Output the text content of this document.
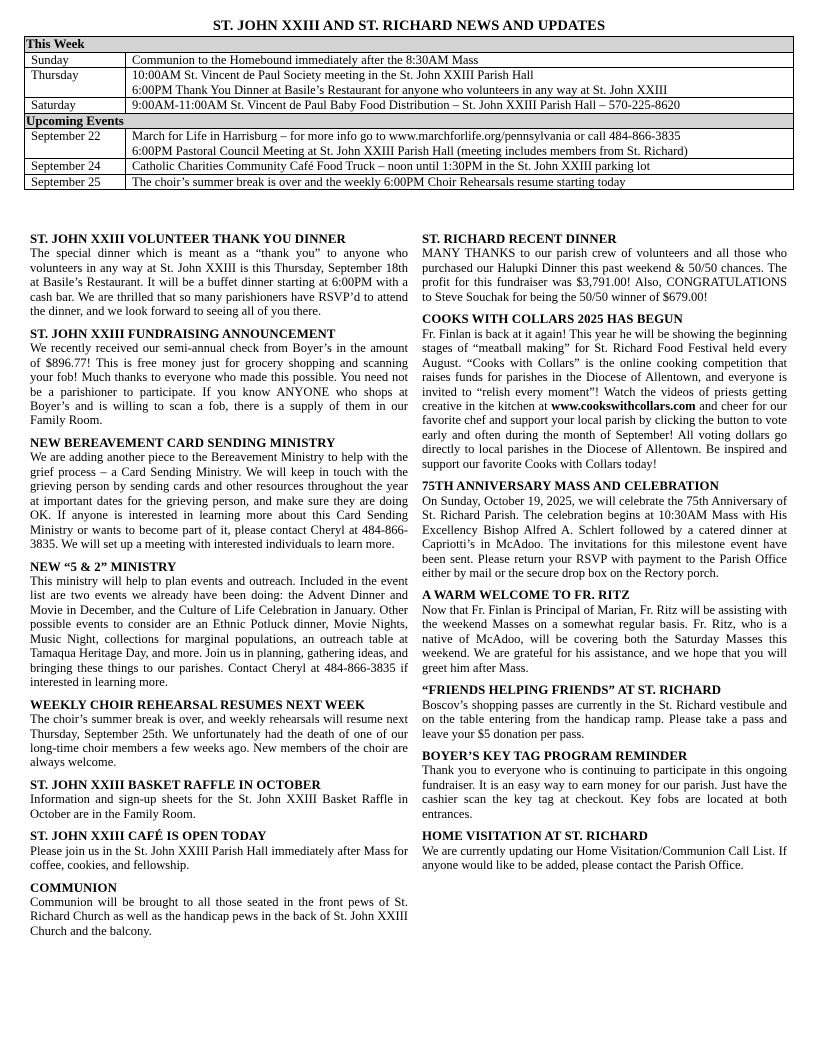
ST. JOHN XXIII AND ST. RICHARD NEWS AND UPDATES
This Week	
Sunday	Communion to the Homebound immediately after the 8:30AM Mass

Thursday	10:00AM St. Vincent de Paul Society meeting in the St. John XXIII Parish Hall
6:00PM Thank You Dinner at Basile’s Restaurant for anyone who volunteers in any way at St. John XXIII

Saturday	9:00AM-11:00AM St. Vincent de Paul Baby Food Distribution – St. John XXIII Parish Hall – 570-225-8620

Upcoming Events	
September 22	March for Life in Harrisburg – for more info go to www.marchforlife.org/pennsylvania or call 484-866-3835
6:00PM Pastoral Council Meeting at St. John XXIII Parish Hall (meeting includes members from St. Richard)

September 24	Catholic Charities Community Café Food Truck – noon until 1:30PM in the St. John XXIII parking lot

September 25	The choir’s summer break is over and the weekly 6:00PM Choir Rehearsals resume starting today
ST. JOHN XXIII VOLUNTEER THANK YOU DINNER

The special dinner which is meant as a “thank you” to anyone who volunteers in any way at St. John XXIII is this Thursday, September 18th at Basile’s Restaurant. It will be a buffet dinner starting at 6:00PM with a cash bar. We are thrilled that so many parishioners have RSVP’d to attend the dinner, and we look forward to seeing all of you there.

ST. JOHN XXIII FUNDRAISING ANNOUNCEMENT

We recently received our semi-annual check from Boyer’s in the amount of $896.77! This is free money just for grocery shopping and scanning your fob! Much thanks to everyone who made this possible. You need not be a parishioner to participate. If you know ANYONE who shops at Boyer’s and is willing to scan a fob, there is a supply of them in our Family Room.

NEW BEREAVEMENT CARD SENDING MINISTRY

We are adding another piece to the Bereavement Ministry to help with the grief process – a Card Sending Ministry. We will keep in touch with the grieving person by sending cards and other resources throughout the year at important dates for the grieving person, and make sure they are doing OK. If anyone is interested in learning more about this Card Sending Ministry or wants to become part of it, please contact Cheryl at 484-866-3835. We will set up a meeting with interested individuals to learn more.

NEW “5 & 2” MINISTRY

This ministry will help to plan events and outreach. Included in the event list are two events we already have been doing: the Advent Dinner and Movie in December, and the Culture of Life Celebration in January. Other possible events to consider are an Ethnic Potluck dinner, Movie Nights, Music Night, collections for marginal populations, an outreach table at Tamaqua Heritage Day, and more. Join us in planning, gathering ideas, and bringing these things to our parishes. Contact Cheryl at 484-866-3835 if interested in learning more.

WEEKLY CHOIR REHEARSAL RESUMES NEXT WEEK

The choir’s summer break is over, and weekly rehearsals will resume next Thursday, September 25th. We unfortunately had the death of one of our long-time choir members a few weeks ago. New members of the choir are always welcome.

ST. JOHN XXIII BASKET RAFFLE IN OCTOBER

Information and sign-up sheets for the St. John XXIII Basket Raffle in October are in the Family Room.

ST. JOHN XXIII CAFÉ IS OPEN TODAY

Please join us in the St. John XXIII Parish Hall immediately after Mass for coffee, cookies, and fellowship.

COMMUNION

Communion will be brought to all those seated in the front pews of St. Richard Church as well as the handicap pews in the back of St. John XXIII Church and the balcony.

ST. RICHARD RECENT DINNER

MANY THANKS to our parish crew of volunteers and all those who purchased our Halupki Dinner this past weekend & 50/50 chances. The profit for this fundraiser was $3,791.00! Also, CONGRATULATIONS to Steve Souchak for being the 50/50 winner of $679.00!

COOKS WITH COLLARS 2025 HAS BEGUN

Fr. Finlan is back at it again! This year he will be showing the beginning stages of “meatball making” for St. Richard Food Festival held every August. “Cooks with Collars” is the online cooking competition that raises funds for parishes in the Diocese of Allentown, and everyone is invited to “relish every moment”! Watch the videos of priests getting creative in the kitchen at www.cookswithcollars.com and cheer for our favorite chef and support your local parish by clicking the button to vote early and often during the month of September! All voting dollars go directly to local parishes in the Diocese of Allentown. Be inspired and support our favorite Cooks with Collars today!

75TH ANNIVERSARY MASS AND CELEBRATION

On Sunday, October 19, 2025, we will celebrate the 75th Anniversary of St. Richard Parish. The celebration begins at 10:30AM Mass with His Excellency Bishop Alfred A. Schlert followed by a catered dinner at Capriotti’s in McAdoo. The invitations for this milestone event have been sent. Please return your RSVP with payment to the Parish Office either by mail or the secure drop box on the Rectory porch.

A WARM WELCOME TO FR. RITZ

Now that Fr. Finlan is Principal of Marian, Fr. Ritz will be assisting with the weekend Masses on a somewhat regular basis. Fr. Ritz, who is a native of McAdoo, will be covering both the Saturday Masses this weekend. We are grateful for his assistance, and we hope that you will greet him after Mass.

“FRIENDS HELPING FRIENDS” AT ST. RICHARD

Boscov’s shopping passes are currently in the St. Richard vestibule and on the table entering from the handicap ramp. Please take a pass and leave your $5 donation per pass.

BOYER’S KEY TAG PROGRAM REMINDER

Thank you to everyone who is continuing to participate in this ongoing fundraiser. It is an easy way to earn money for our parish. Just have the cashier scan the key tag at checkout. Key fobs are located at both entrances.

HOME VISITATION AT ST. RICHARD

We are currently updating our Home Visitation/Communion Call List. If anyone would like to be added, please contact the Parish Office.
